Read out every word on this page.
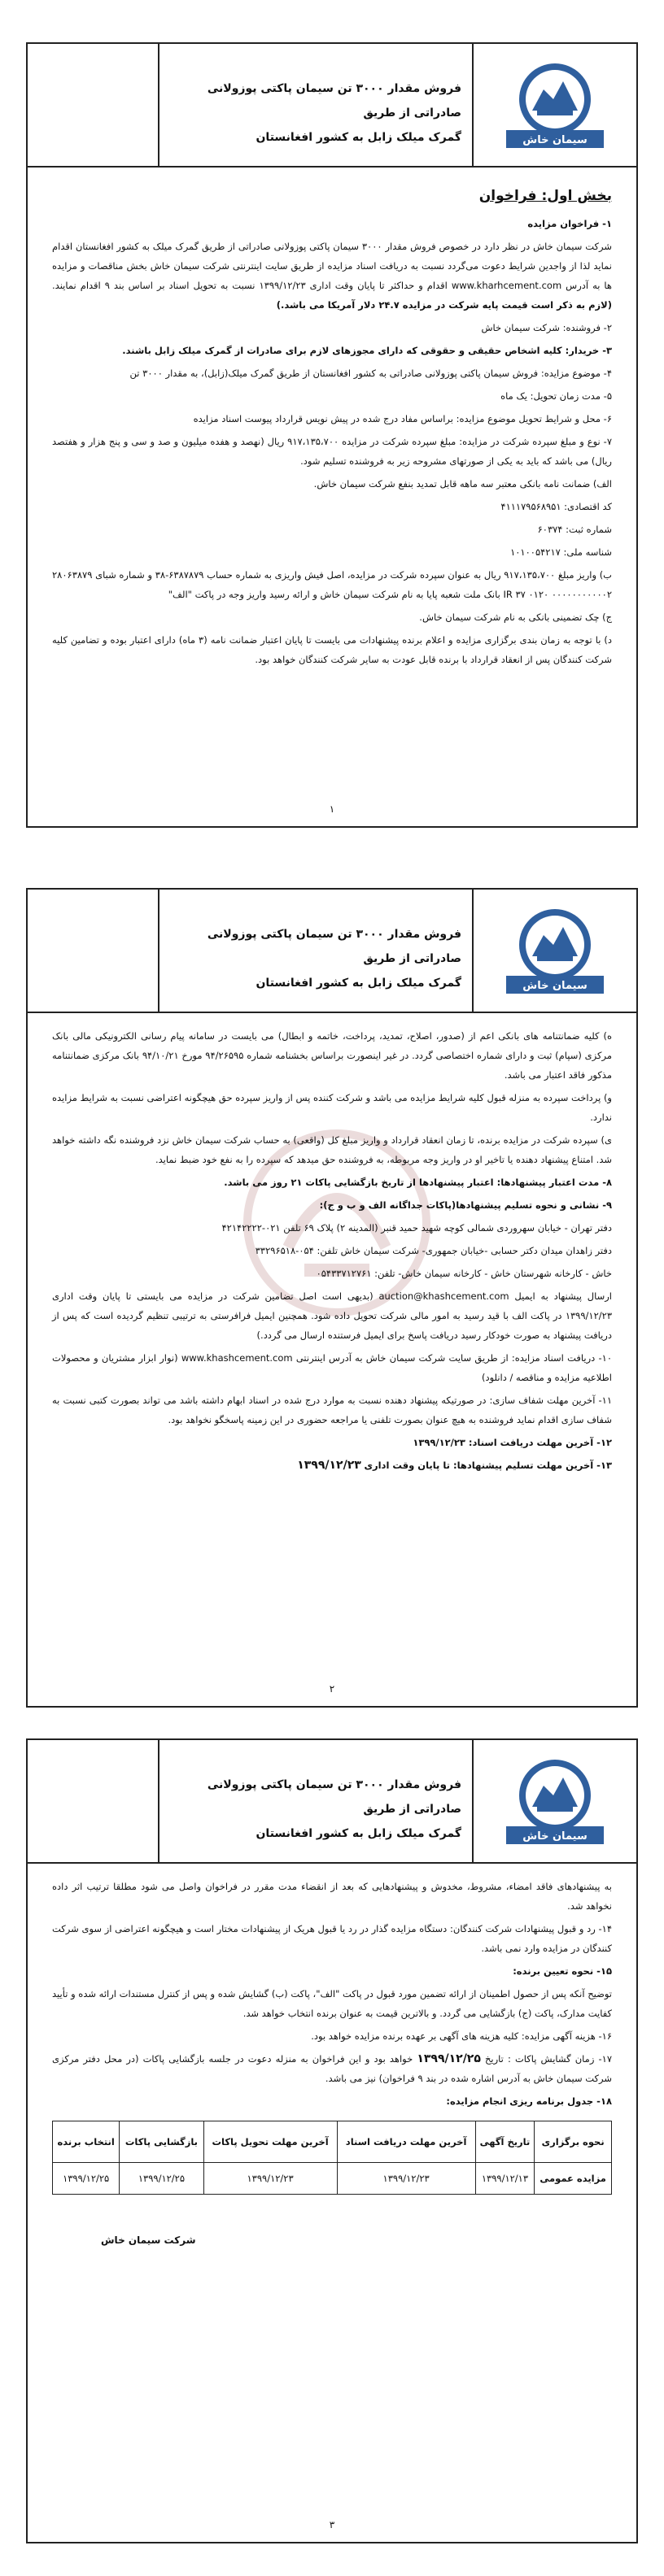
فروش مقدار ۳۰۰۰ تن سیمان پاکتی پوزولانی صادراتی از طریق
گمرک میلک زابل به کشور افغانستان	سیمان خاش
بخش اول: فراخوان

۱- فراخوان مزایده

شرکت سیمان خاش در نظر دارد در خصوص فروش مقدار ۳۰۰۰ سیمان پاکتی پوزولانی صادراتی از طریق گمرک میلک به کشور افغانستان اقدام نماید لذا از واجدین شرایط دعوت می‌گردد نسبت به دریافت اسناد مزایده از طریق سایت اینترنتی شرکت سیمان خاش بخش مناقصات و مزایده ها به آدرس www.kharhcement.com اقدام و حداکثر تا پایان وقت اداری ۱۳۹۹/۱۲/۲۳ نسبت به تحویل اسناد بر اساس بند ۹ اقدام نمایند. (لازم به ذکر است قیمت پایه شرکت در مزایده ۲۴.۷ دلار آمریکا می باشد.)

۲- فروشنده: شرکت سیمان خاش

۳- خریدار: کلیه اشخاص حقیقی و حقوقی که دارای مجوزهای لازم برای صادرات از گمرک میلک زابل باشند.

۴- موضوع مزایده: فروش سیمان پاکتی پوزولانی صادراتی به کشور افغانستان از طریق گمرک میلک(زابل)، به مقدار ۳۰۰۰ تن

۵- مدت زمان تحویل: یک ماه

۶- محل و شرایط تحویل موضوع مزایده: براساس مفاد درج شده در پیش نویس قرارداد پیوست اسناد مزایده

۷- نوع و مبلغ سپرده شرکت در مزایده: مبلغ سپرده شرکت در مزایده ۹۱۷،۱۳۵،۷۰۰ ریال (نهصد و هفده میلیون و صد و سی و پنج هزار و هفتصد ریال) می باشد که باید به یکی از صورتهای مشروحه زیر به فروشنده تسلیم شود.

الف) ضمانت نامه بانکی معتبر سه ماهه قابل تمدید بنفع شرکت سیمان خاش.

کد اقتصادی: ۴۱۱۱۷۹۵۶۸۹۵۱

شماره ثبت: ۶۰۳۷۴

شناسه ملی: ۱۰۱۰۰۵۴۲۱۷

ب) واریز مبلغ ۹۱۷،۱۳۵،۷۰۰ ریال به عنوان سپرده شرکت در مزایده، اصل فیش واریزی به شماره حساب ۶۳۸۷۸۷۹-۳۸ و شماره شبای ۲۸۰۶۳۸۷۹ ۰۰۰۰۰۰۰۰۰۰۰۲ ۰۱۲۰ ۳۷ IR بانک ملت شعبه پایا به نام شرکت سیمان خاش و ارائه رسید واریز وجه در پاکت "الف"

ج) چک تضمینی بانکی به نام شرکت سیمان خاش.

د) با توجه به زمان بندی برگزاری مزایده و اعلام برنده پیشنهادات می بایست تا پایان اعتبار ضمانت نامه (۳ ماه) دارای اعتبار بوده و تضامین کلیه شرکت کنندگان پس از انعقاد قرارداد با برنده قابل عودت به سایر شرکت کنندگان خواهد بود.

۱
فروش مقدار ۳۰۰۰ تن سیمان پاکتی پوزولانی صادراتی از طریق
گمرک میلک زابل به کشور افغانستان	سیمان خاش

ه) کلیه ضمانتنامه های بانکی اعم از (صدور، اصلاح، تمدید، پرداخت، خاتمه و ابطال) می بایست در سامانه پیام رسانی الکترونیکی مالی بانک مرکزی (سپام) ثبت و دارای شماره اختصاصی گردد. در غیر اینصورت براساس بخشنامه شماره ۹۴/۲۶۵۹۵ مورخ ۹۴/۱۰/۲۱ بانک مرکزی ضمانتنامه مذکور فاقد اعتبار می باشد.

و) پرداخت سپرده به منزله قبول کلیه شرایط مزایده می باشد و شرکت کننده پس از واریز سپرده حق هیچگونه اعتراضی نسبت به شرایط مزایده ندارد.

ی) سپرده شرکت در مزایده برنده، تا زمان انعقاد قرارداد و واریز مبلغ کل (واقعی) به حساب شرکت سیمان خاش نزد فروشنده نگه داشته خواهد شد. امتناع پیشنهاد دهنده یا تاخیر او در واریز وجه مربوطه، به فروشنده حق میدهد که سپرده را به نفع خود ضبط نماید.

۸- مدت اعتبار پیشنهادها: اعتبار پیشنهادها از تاریخ بازگشایی پاکات ۲۱ روز می باشد.

۹- نشانی و نحوه تسلیم پیشنهادها(پاکات جداگانه الف و ب و ج):

دفتر تهران - خیابان سهروردی شمالی کوچه شهید حمید قنبر (المدینه ۲) پلاک ۶۹ تلفن ۰۲۱-۴۲۱۴۲۲۲۲

دفتر زاهدان میدان دکتر حسابی -خیابان جمهوری- شرکت سیمان خاش تلفن: ۰۵۴-۳۳۲۹۶۵۱۸

خاش - کارخانه شهرستان خاش - کارخانه سیمان خاش- تلفن: ۰۵۴۳۳۷۱۲۷۶۱

ارسال پیشنهاد به ایمیل auction@khashcement.com (بدیهی است اصل تضامین شرکت در مزایده می بایستی تا پایان وقت اداری ۱۳۹۹/۱۲/۲۳ در پاکت الف با قید رسید به امور مالی شرکت تحویل داده شود. همچنین ایمیل فرافرستی به ترتیبی تنظیم گردیده است که پس از دریافت پیشنهاد به صورت خودکار رسید دریافت پاسخ برای ایمیل فرستنده ارسال می گردد.)

۱۰- دریافت اسناد مزایده: از طریق سایت شرکت سیمان خاش به آدرس اینترنتی www.khashcement.com (نوار ابزار مشتریان و محصولات اطلاعیه مزایده و مناقصه / دانلود)

۱۱- آخرین مهلت شفاف سازی: در صورتیکه پیشنهاد دهنده نسبت به موارد درج شده در اسناد ابهام داشته باشد می تواند بصورت کتبی نسبت به شفاف سازی اقدام نماید فروشنده به هیچ عنوان بصورت تلفنی یا مراجعه حضوری در این زمینه پاسخگو نخواهد بود.

۱۲- آخرین مهلت دریافت اسناد: ۱۳۹۹/۱۲/۲۳

۱۳- آخرین مهلت تسلیم پیشنهادها: تا پایان وقت اداری ۱۳۹۹/۱۲/۲۳

۲
فروش مقدار ۳۰۰۰ تن سیمان پاکتی پوزولانی صادراتی از طریق
گمرک میلک زابل به کشور افغانستان	سیمان خاش

به پیشنهادهای فاقد امضاء، مشروط، مخدوش و پیشنهادهایی که بعد از انقضاء مدت مقرر در فراخوان واصل می شود مطلقا ترتیب اثر داده نخواهد شد.

۱۴- رد و قبول پیشنهادات شرکت کنندگان: دستگاه مزایده گذار در رد یا قبول هریک از پیشنهادات مختار است و هیچگونه اعتراضی از سوی شرکت کنندگان در مزایده وارد نمی باشد.

۱۵- نحوه تعیین برنده:

توضیح آنکه پس از حصول اطمینان از ارائه تضمین مورد قبول در پاکت "الف"، پاکت (ب) گشایش شده و پس از کنترل مستندات ارائه شده و تأیید کفایت مدارک، پاکت (ج) بازگشایی می گردد. و بالاترین قیمت به عنوان برنده انتخاب خواهد شد.

۱۶- هزینه آگهی مزایده: کلیه هزینه های آگهی بر عهده برنده مزایده خواهد بود.

۱۷- زمان گشایش پاکات : تاریخ ۱۳۹۹/۱۲/۲۵ خواهد بود و این فراخوان به منزله دعوت در جلسه بازگشایی پاکات (در محل دفتر مرکزی شرکت سیمان خاش به آدرس اشاره شده در بند ۹ فراخوان) نیز می باشد.

۱۸- جدول برنامه ریزی انجام مزایده:

نحوه برگزاری	تاریخ آگهی	آخرین مهلت دریافت اسناد	آخرین مهلت تحویل پاکات	بازگشایی پاکات	انتخاب برنده
مزایده عمومی	۱۳۹۹/۱۲/۱۳	۱۳۹۹/۱۲/۲۳	۱۳۹۹/۱۲/۲۳	۱۳۹۹/۱۲/۲۵	۱۳۹۹/۱۲/۲۵
شرکت سیمان خاش
۳
